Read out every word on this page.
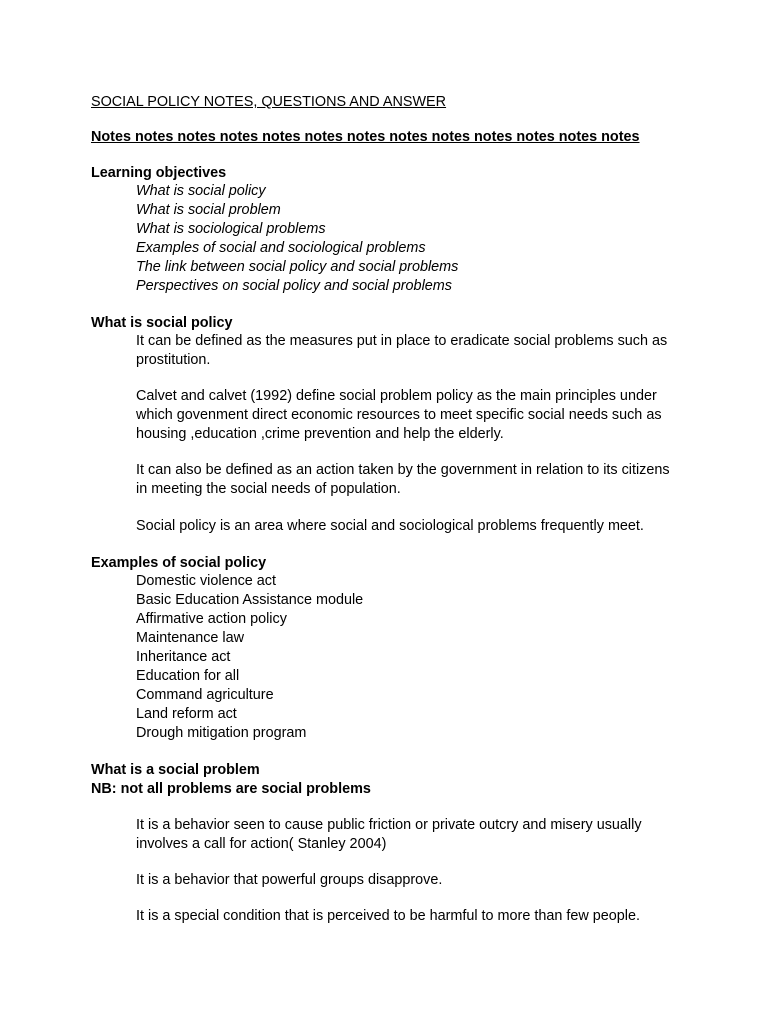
SOCIAL POLICY NOTES, QUESTIONS AND ANSWER
Notes notes notes notes notes notes notes notes notes notes notes notes notes
Learning objectives
What is social policy
What is social problem
What is sociological problems
Examples of social and sociological problems
The link between social policy and social problems
Perspectives on social policy and social problems
What is social policy
It can be defined as the measures put in place to eradicate social problems such as prostitution.
Calvet and calvet (1992) define social problem policy as the main principles under which govenment direct economic resources to meet specific social needs such as housing ,education ,crime prevention and help the elderly.
It can also be defined as an action taken by the government in relation to its citizens in meeting the social needs of population.
Social policy is an area where social and sociological problems frequently meet.
Examples of social policy
Domestic violence act
Basic Education Assistance module
Affirmative action policy
Maintenance law
Inheritance act
Education for all
Command agriculture
Land reform act
Drough mitigation program
What is a social problem
NB: not all problems are social problems
It is a behavior seen to cause public friction or private outcry and misery usually involves a call for action( Stanley 2004)
It is a behavior that powerful groups disapprove.
It is a special condition that is perceived to be harmful to more than few people.
